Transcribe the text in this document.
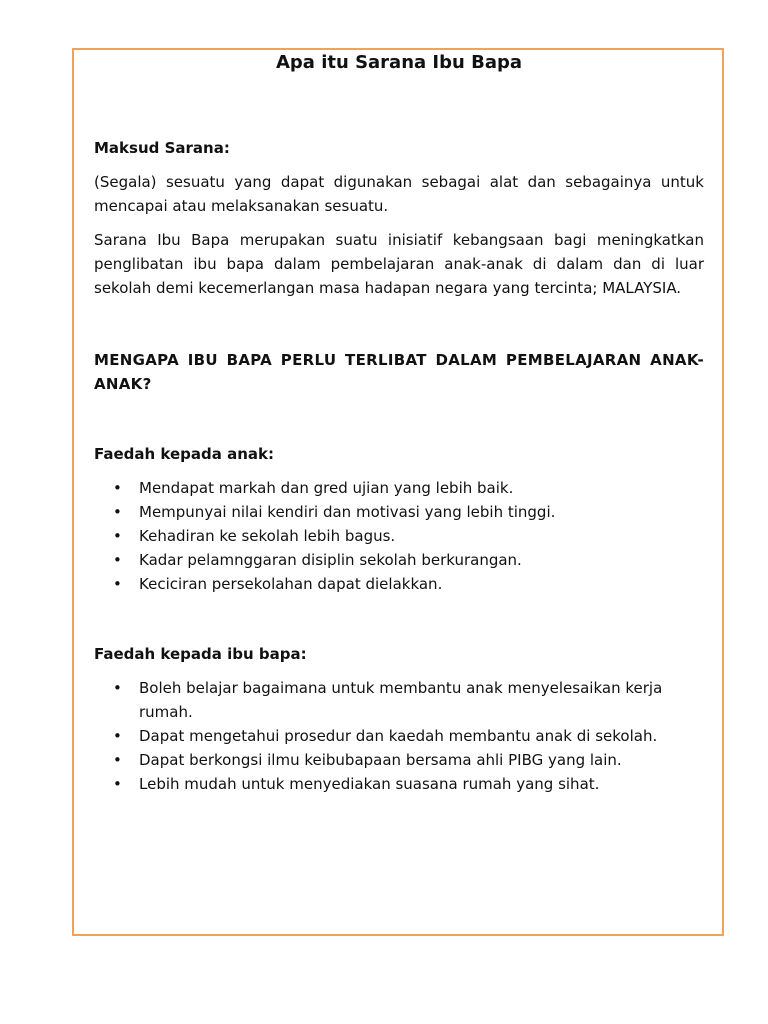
Apa itu Sarana Ibu Bapa
Maksud Sarana:

(Segala) sesuatu yang dapat digunakan sebagai alat dan sebagainya untuk mencapai atau melaksanakan sesuatu.

Sarana Ibu Bapa merupakan suatu inisiatif kebangsaan bagi meningkatkan penglibatan ibu bapa dalam pembelajaran anak-anak di dalam dan di luar sekolah demi kecemerlangan masa hadapan negara yang tercinta; MALAYSIA.

MENGAPA IBU BAPA PERLU TERLIBAT DALAM PEMBELAJARAN ANAK-ANAK?

Faedah kepada anak:
• Mendapat markah dan gred ujian yang lebih baik.
• Mempunyai nilai kendiri dan motivasi yang lebih tinggi.
• Kehadiran ke sekolah lebih bagus.
• Kadar pelamnggaran disiplin sekolah berkurangan.
• Keciciran persekolahan dapat dielakkan.
Faedah kepada ibu bapa:
• Boleh belajar bagaimana untuk membantu anak menyelesaikan kerja rumah.
• Dapat mengetahui prosedur dan kaedah membantu anak di sekolah.
• Dapat berkongsi ilmu keibubapaan bersama ahli PIBG yang lain.
• Lebih mudah untuk menyediakan suasana rumah yang sihat.
